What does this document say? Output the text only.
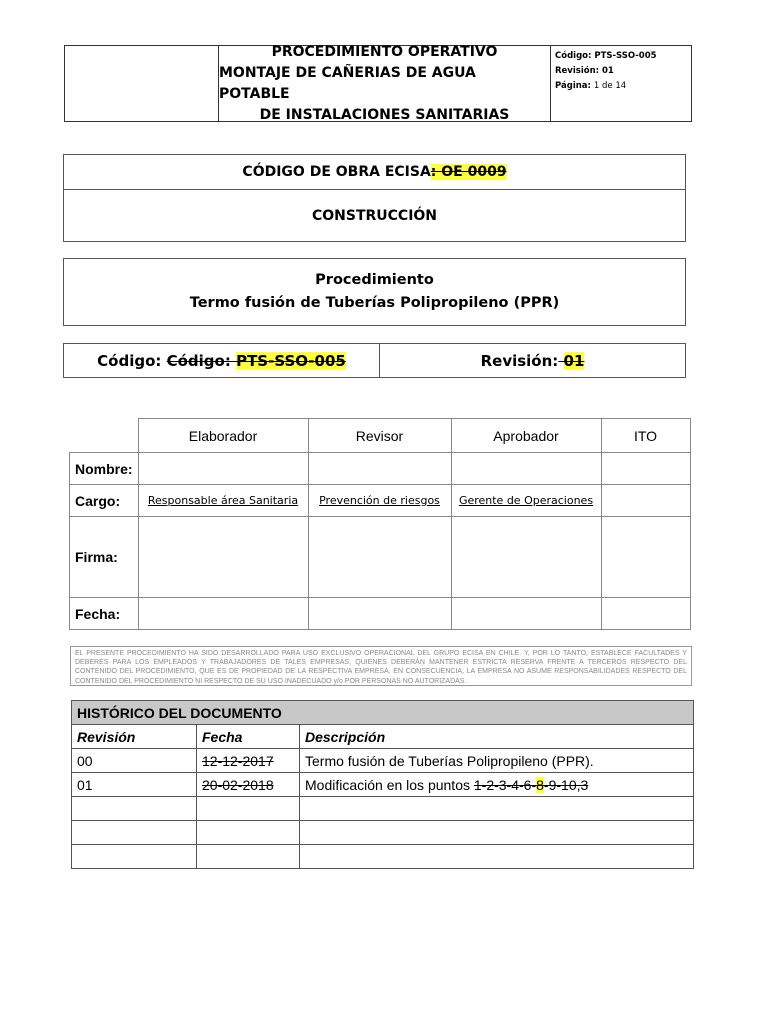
PROCEDIMIENTO OPERATIVO
MONTAJE DE CAÑERIAS DE AGUA POTABLE
DE INSTALACIONES SANITARIAS
Código: PTS-SSO-005
Revisión: 01
Página: 1 de 14
CÓDIGO DE OBRA ECISA : OE 0009
CONSTRUCCIÓN
Procedimiento
Termo fusión de Tuberías Polipropileno (PPR)
Código: Código: PTS-SSO-005	Revisión:
01
	Elaborador	Revisor	Aprobador	ITO
Nombre:				
Cargo:	Responsable área Sanitaria	Prevención de riesgos	Gerente de Operaciones	
Firma:				
Fecha:				
EL PRESENTE PROCEDIMIENTO HA SIDO DESARROLLADO PARA USO EXCLUSIVO OPERACIONAL DEL GRUPO ECISA EN CHILE. Y, POR LO TANTO, ESTABLECE FACULTADES Y DEBERES PARA LOS EMPLEADOS Y TRABAJADORES DE TALES EMPRESAS, QUIENES DEBERÁN MANTENER ESTRICTA RESERVA FRENTE A TERCEROS RESPECTO DEL CONTENIDO DEL PROCEDIMIENTO, QUE ES DE PROPIEDAD DE LA RESPECTIVA EMPRESA. EN CONSECUENCIA, LA EMPRESA NO ASUME RESPONSABILIDADES RESPECTO DEL CONTENIDO DEL PROCEDIMIENTO NI RESPECTO DE SU USO INADECUADO y/o POR PERSONAS NO AUTORIZADAS.
HISTÓRICO DEL DOCUMENTO		
Revisión	Fecha	Descripción
00	12-12-2017	Termo fusión de Tuberías Polipropileno (PPR).
01	20-02-2018	Modificación en los puntos 1-2-3-4-6-8-9-10,3
